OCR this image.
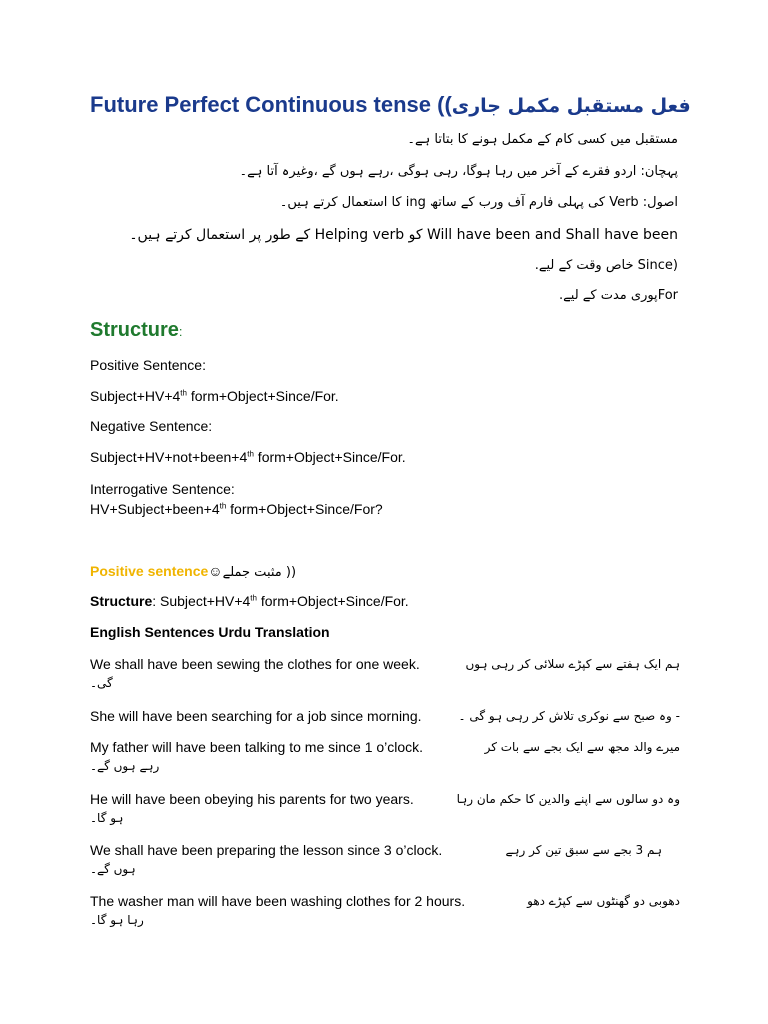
Future Perfect Continuous tense ((فعل مستقبل مکمل جاری
مستقبل میں کسی کام کے مکمل ہونے کا بتاتا ہے۔
پہچان: اردو فقرے کے آخر میں رہا ہوگا، رہی ہوگی ،رہے ہوں گے ،وغیرہ آتا ہے۔
اصول: Verb کی پہلی فارم آف ورب کے ساتھ ing کا استعمال کرتے ہیں۔
Will have been and Shall have been کو Helping verb کے طور پر استعمال کرتے ہیں۔
(Since خاص وقت کے لیے.
Forپوری مدت کے لیے.
Structure:
Positive Sentence:
Subject+HV+4th form+Object+Since/For.
Negative Sentence:
Subject+HV+not+been+4th form+Object+Since/For.
Interrogative Sentence:
HV+Subject+been+4th form+Object+Since/For?
Positive sentence☺مثبت جملے ))
Structure: Subject+HV+4th form+Object+Since/For.
English Sentences Urdu Translation
We shall have been sewing the clothes for one week.	ہم ایک ہفتے سے کپڑے سلائی کر رہی ہوں
گی۔
She will have been searching for a job since morning.	- وہ صبح سے نوکری تلاش کر رہی ہو گی ۔
My father will have been talking to me since 1 o’clock.	میرے والد مجھ سے ایک بجے سے بات کر
رہے ہوں گے۔
He will have been obeying his parents for two years.	وہ دو سالوں سے اپنے والدین کا حکم مان رہا
ہو گا۔
We shall have been preparing the lesson since 3 o’clock.	ہم 3 بجے سے سبق تین کر رہے
ہوں گے۔
The washer man will have been washing clothes for 2 hours.	دھوبی دو گھنٹوں سے کپڑے دھو
رہا ہو گا۔
